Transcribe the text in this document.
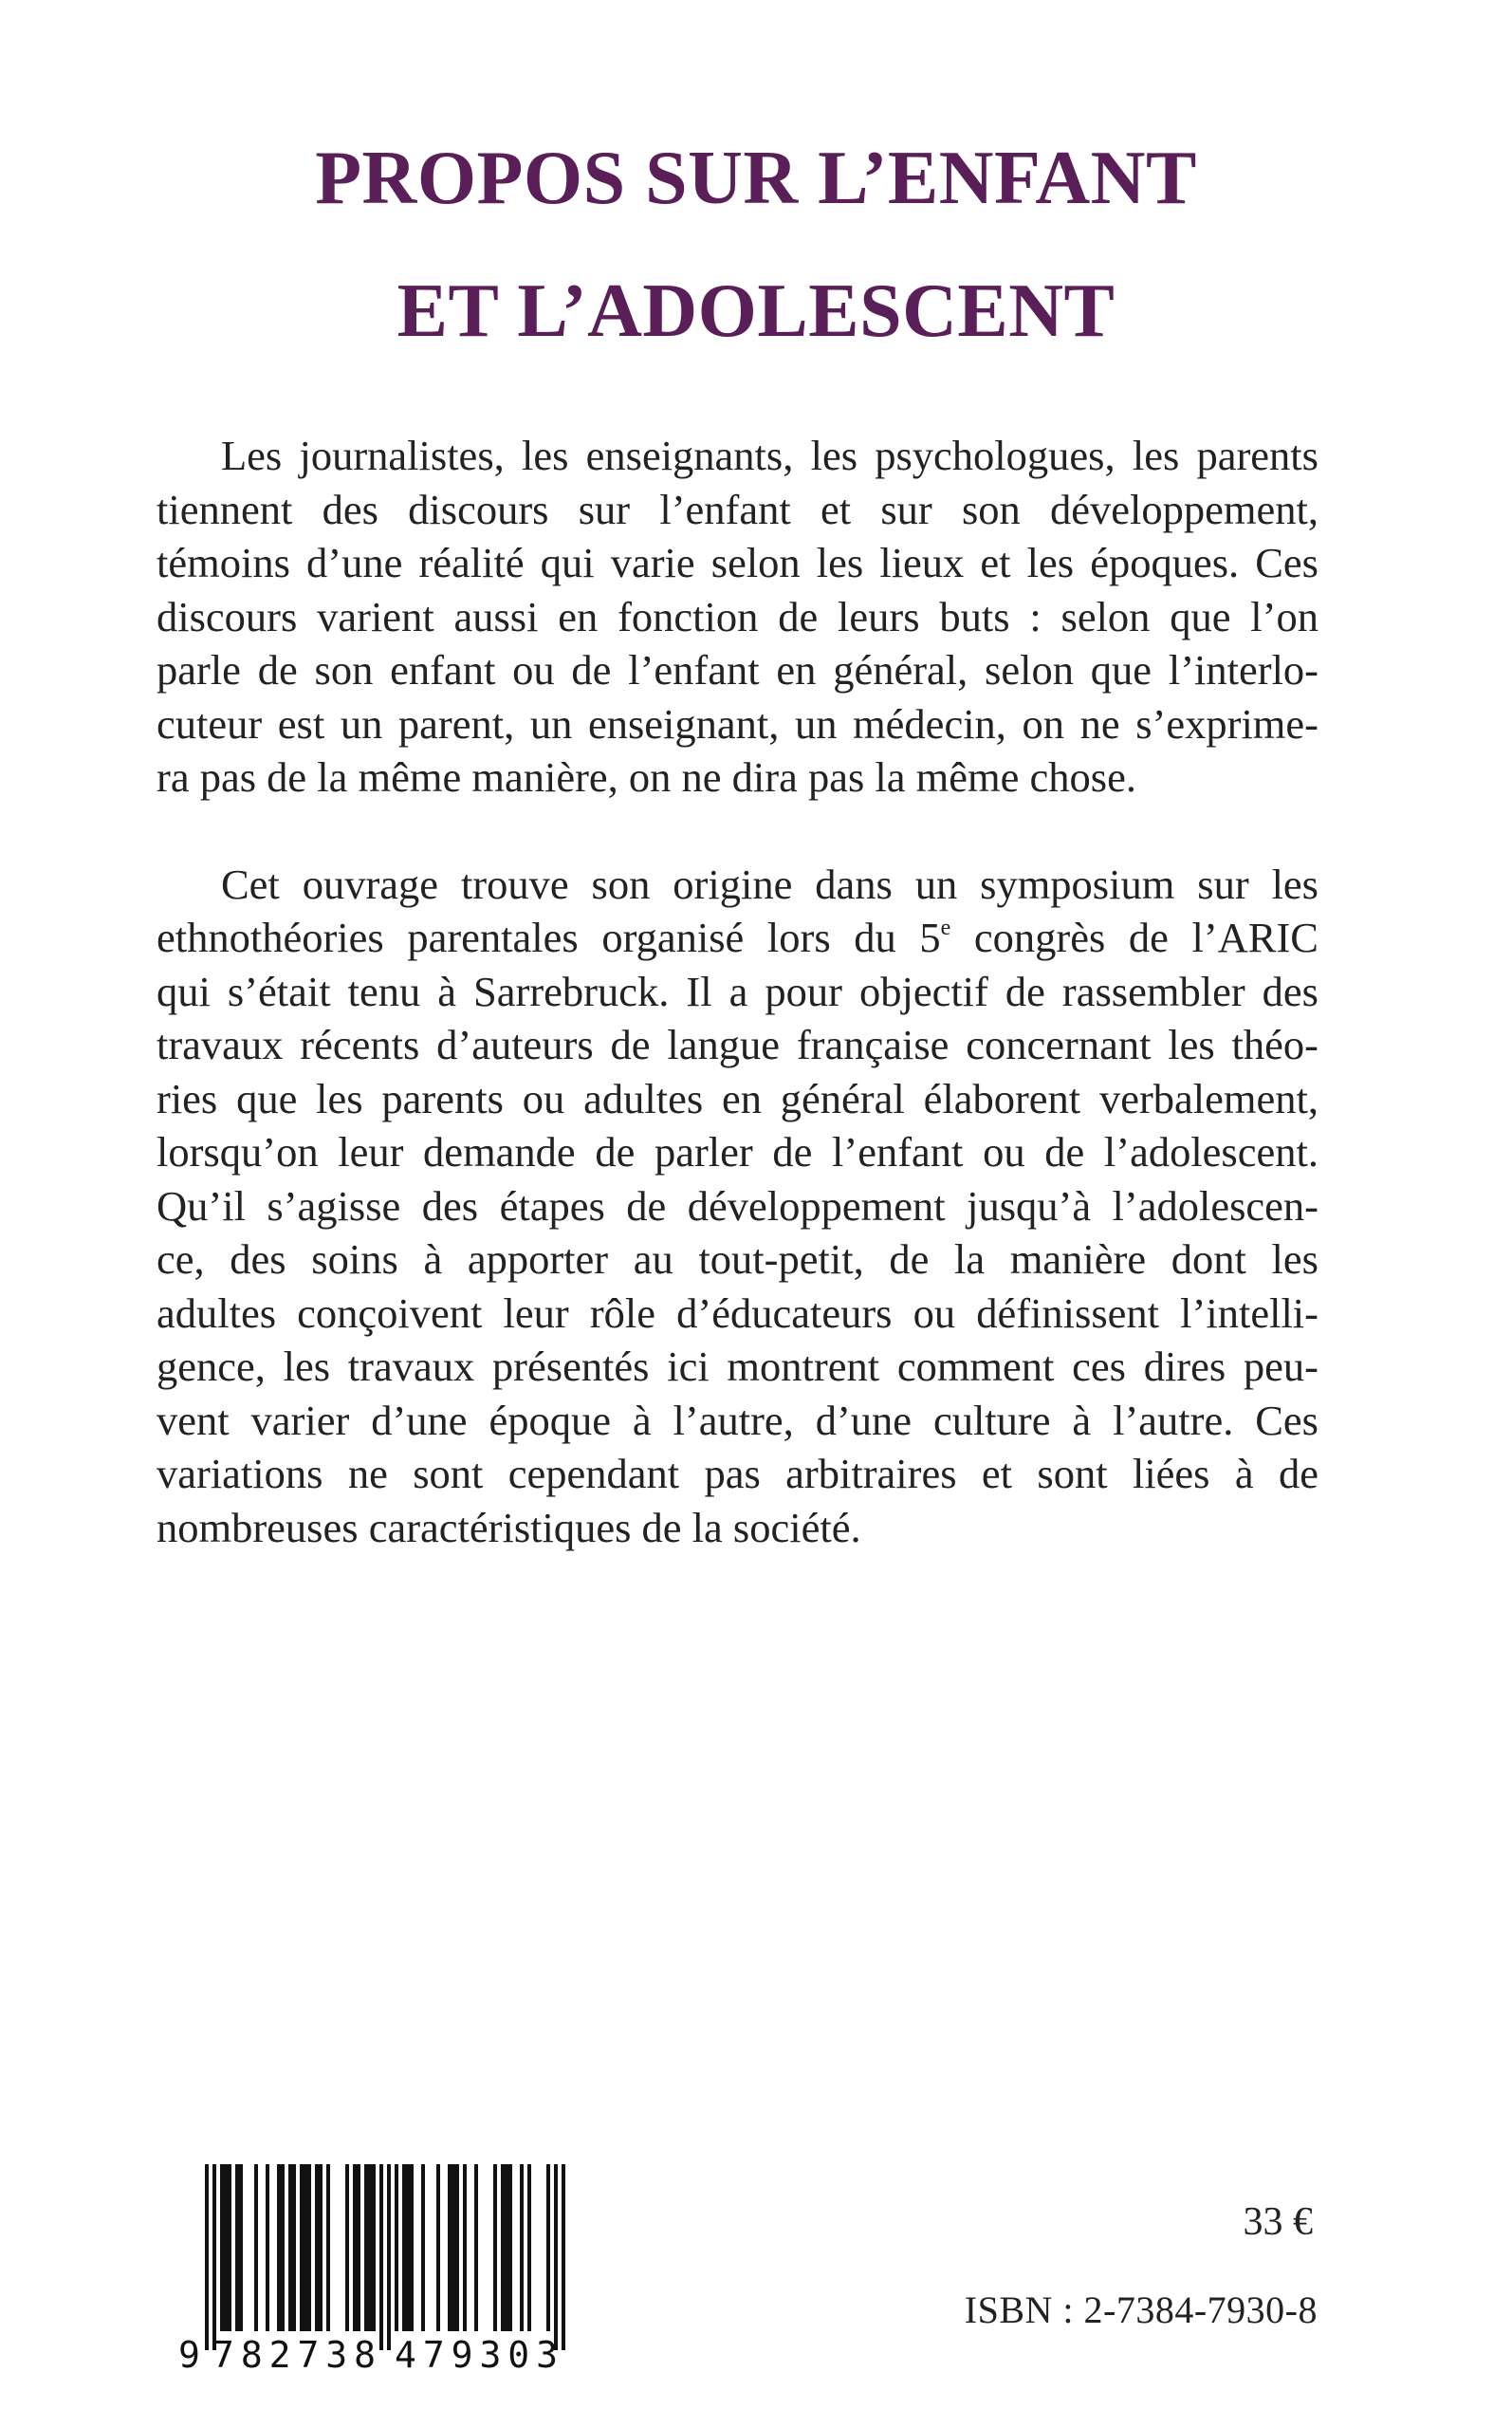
PROPOS SUR L’ENFANT
ET L’ADOLESCENT

Les journalistes, les enseignants, les psychologues, les parents
tiennent des discours sur l’enfant et sur son développement,
témoins d’une réalité qui varie selon les lieux et les époques. Ces
discours varient aussi en fonction de leurs buts : selon que l’on
parle de son enfant ou de l’enfant en général, selon que l’interlo-
cuteur est un parent, un enseignant, un médecin, on ne s’exprime-
ra pas de la même manière, on ne dira pas la même chose.

Cet ouvrage trouve son origine dans un symposium sur les
ethnothéories parentales organisé lors du 5e congrès de l’ARIC
qui s’était tenu à Sarrebruck. Il a pour objectif de rassembler des
travaux récents d’auteurs de langue française concernant les théo-
ries que les parents ou adultes en général élaborent verbalement,
lorsqu’on leur demande de parler de l’enfant ou de l’adolescent.
Qu’il s’agisse des étapes de développement jusqu’à l’adolescen-
ce, des soins à apporter au tout-petit, de la manière dont les
adultes conçoivent leur rôle d’éducateurs ou définissent l’intelli-
gence, les travaux présentés ici montrent comment ces dires peu-
vent varier d’une époque à l’autre, d’une culture à l’autre. Ces
variations ne sont cependant pas arbitraires et sont liées à de
nombreuses caractéristiques de la société.

9 782738 479303
33 €
ISBN : 2-7384-7930-8
